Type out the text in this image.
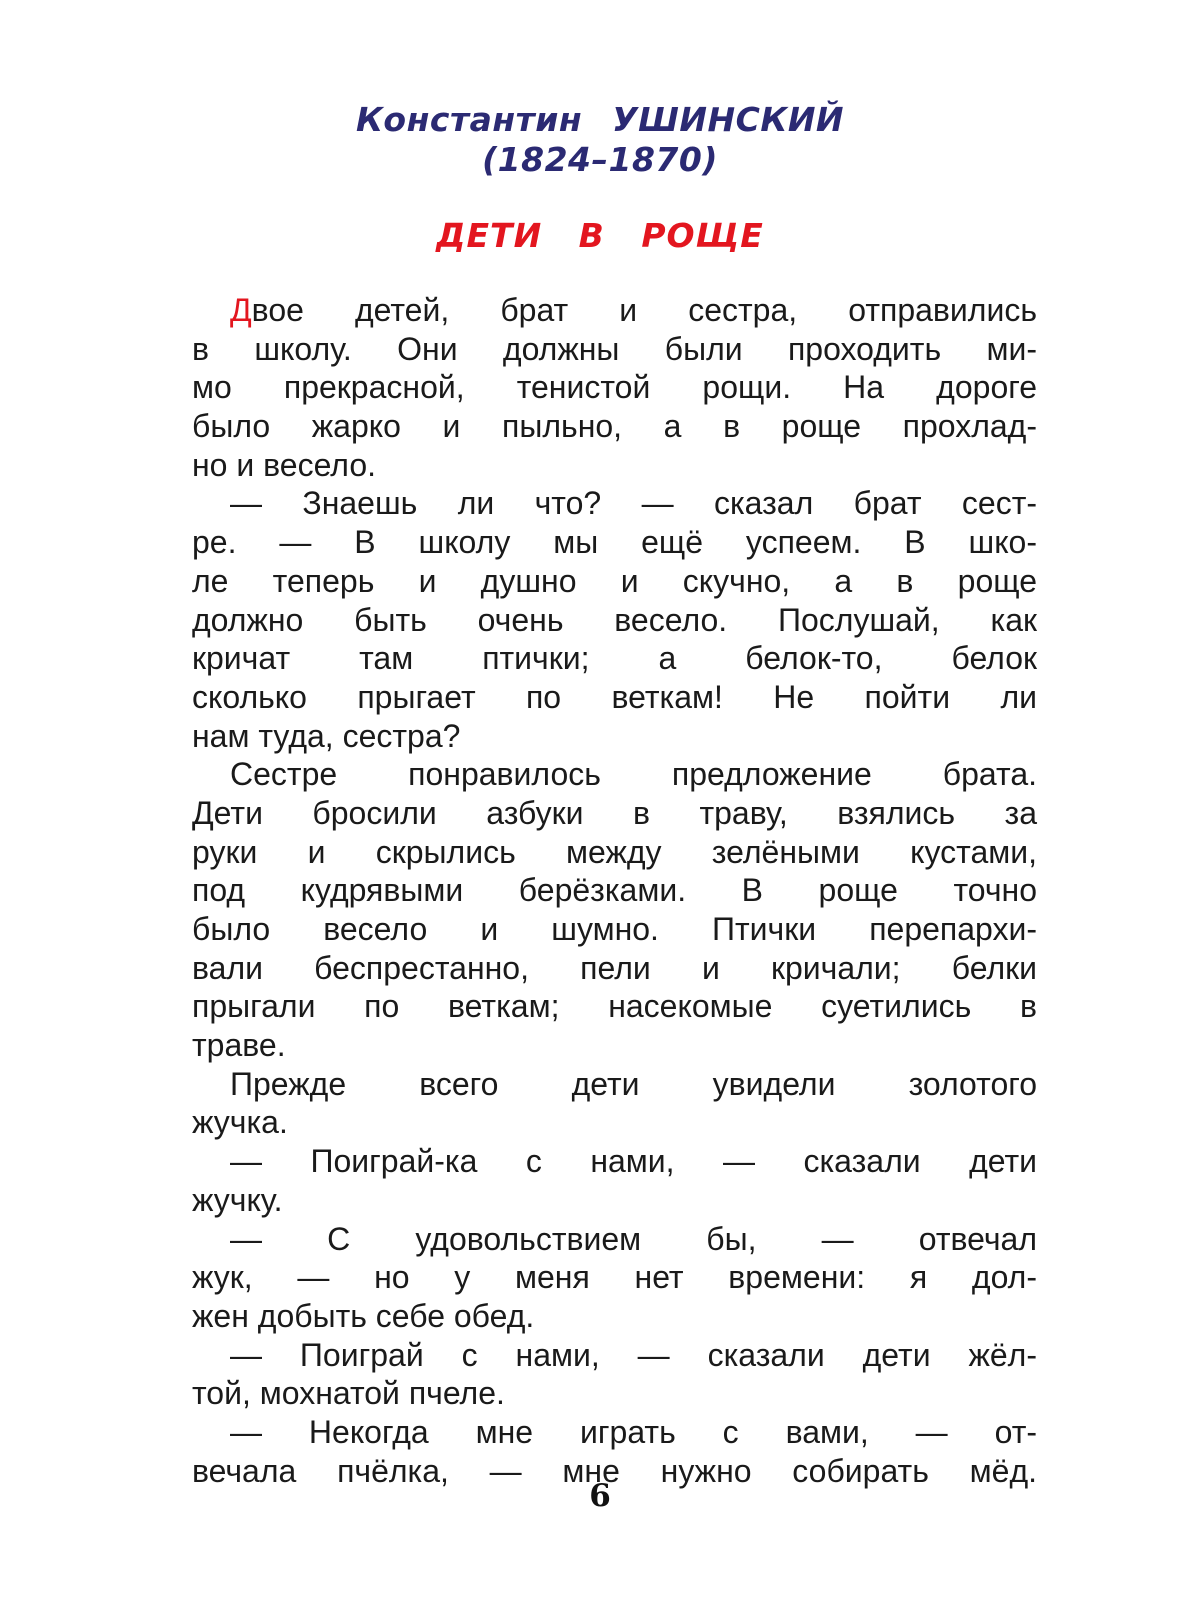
Константин УШИНСКИЙ
(1824–1870)
ДЕТИ В РОЩЕ
Двое детей, брат и сестра, отправились
в школу. Они должны были проходить ми-
мо прекрасной, тенистой рощи. На дороге
было жарко и пыльно, а в роще прохлад-
но и весело.
— Знаешь ли что? — сказал брат сест-
ре. — В школу мы ещё успеем. В шко-
ле теперь и душно и скучно, а в роще
должно быть очень весело. Послушай, как
кричат там птички; а белок-то, белок
сколько прыгает по веткам! Не пойти ли
нам туда, сестра?
Сестре понравилось предложение брата.
Дети бросили азбуки в траву, взялись за
руки и скрылись между зелёными кустами,
под кудрявыми берёзками. В роще точно
было весело и шумно. Птички перепархи-
вали беспрестанно, пели и кричали; белки
прыгали по веткам; насекомые суетились в
траве.
Прежде всего дети увидели золотого
жучка.
— Поиграй-ка с нами, — сказали дети
жучку.
— С удовольствием бы, — отвечал
жук, — но у меня нет времени: я дол-
жен добыть себе обед.
— Поиграй с нами, — сказали дети жёл-
той, мохнатой пчеле.
— Некогда мне играть с вами, — от-
вечала пчёлка, — мне нужно собирать мёд.
6
